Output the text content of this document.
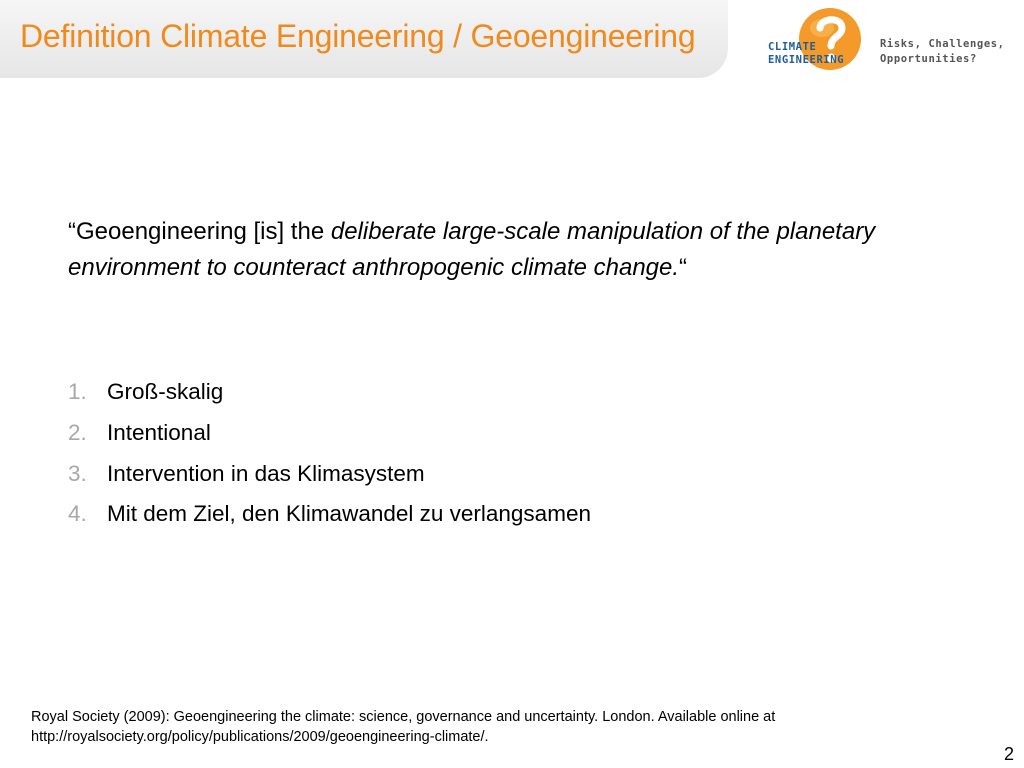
Definition Climate Engineering / Geoengineering	CLIMATE
ENGINEERING
Risks, Challenges,
Opportunities?

“Geoengineering [is] the deliberate large-scale manipulation of the planetary environment to counteract anthropogenic climate change.“

1. Groß-skalig
2. Intentional
3. Intervention in das Klimasystem
4. Mit dem Ziel, den Klimawandel zu verlangsamen
Royal Society (2009): Geoengineering the climate: science, governance and uncertainty. London. Available online at
http://royalsociety.org/policy/publications/2009/geoengineering-climate/.
2
